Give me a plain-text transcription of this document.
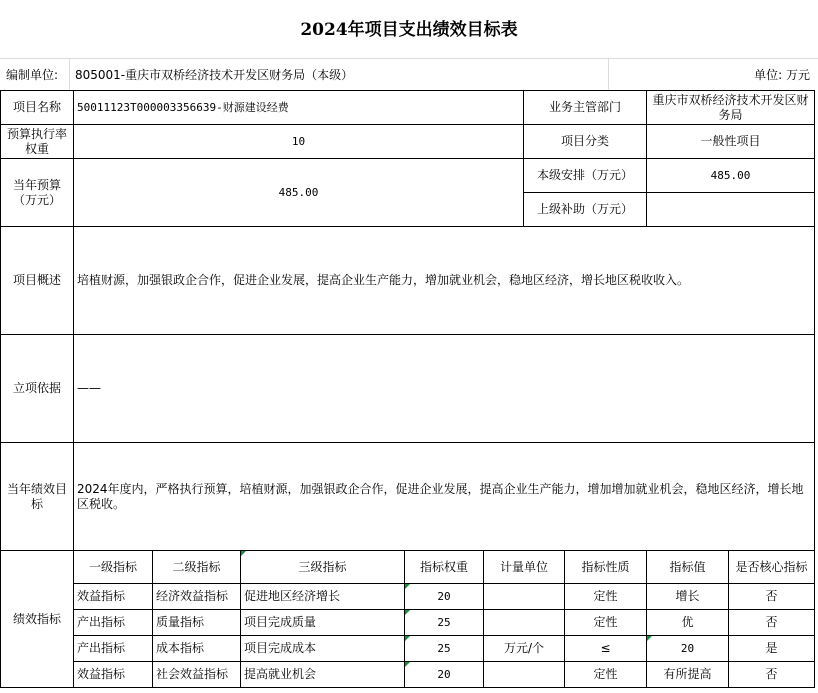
2024年项目支出绩效目标表
编制单位: 805001-重庆市双桥经济技术开发区财务局（本级）	单位: 万元
项目名称	50011123T000003356639-财源建设经费					业务主管部门		重庆市双桥经济技术开发区财务局	
预算执行率权重	10					项目分类		一般性项目	
当年预算（万元）	485.00					本级安排（万元）		485.00	
						上级补助（万元）			
项目概述	培植财源，加强银政企合作，促进企业发展，提高企业生产能力，增加就业机会，稳地区经济，增长地区税收收入。								
立项依据	——								
当年绩效目标	2024年度内，严格执行预算，培植财源，加强银政企合作，促进企业发展，提高企业生产能力，增加增加就业机会，稳地区经济，增长地区税收。								
绩效指标	一级指标	二级指标	三级指标	指标权重	计量单位		指标性质	指标值	是否核心指标
	效益指标	经济效益指标	促进地区经济增长	20			定性	增长	否
	产出指标	质量指标	项目完成质量	25			定性	优	否
	产出指标	成本指标	项目完成成本	25	万元/个		≤	20	是
	效益指标	社会效益指标	提高就业机会	20			定性	有所提高	否
